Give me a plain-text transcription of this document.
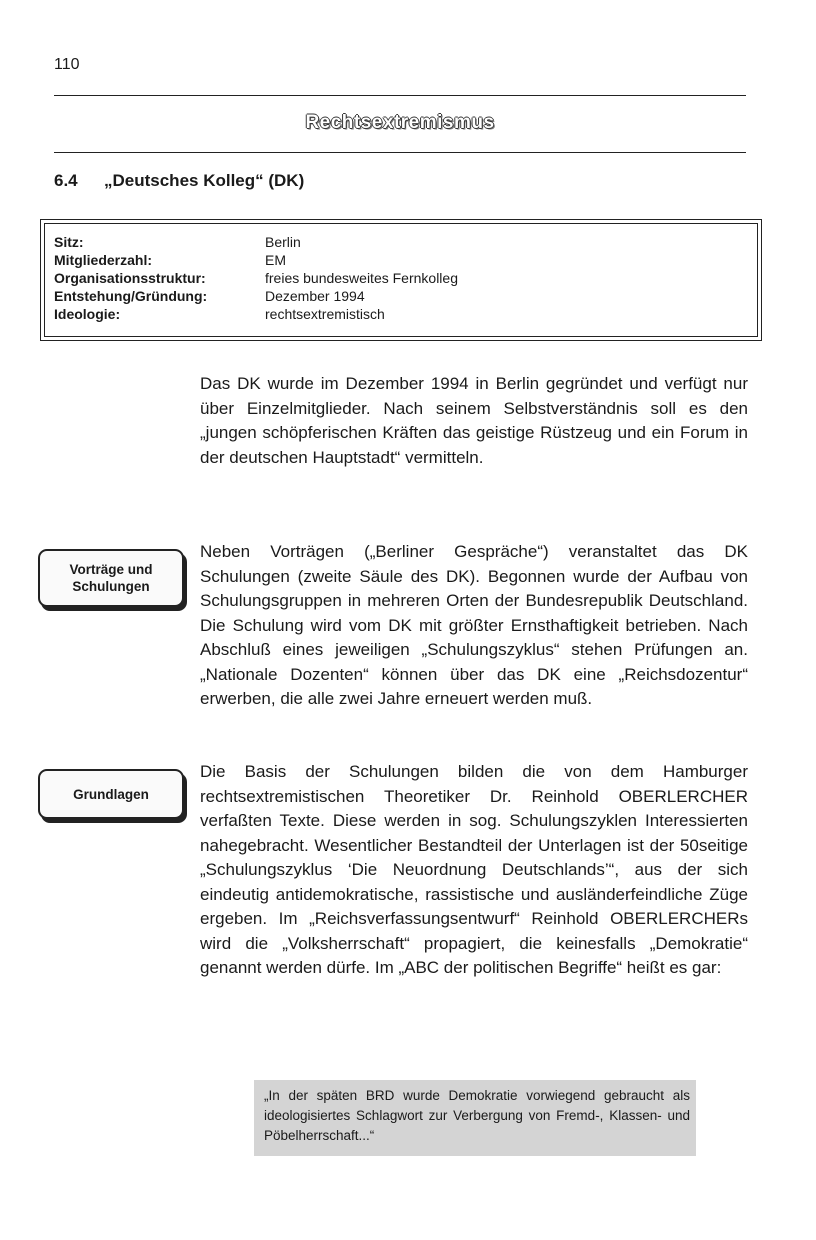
110
Rechtsextremismus
6.4 „Deutsches Kolleg“ (DK)
Sitz:	Berlin
Mitgliederzahl:	EM
Organisationsstruktur:	freies bundesweites Fernkolleg
Entstehung/Gründung:	Dezember 1994
Ideologie:	rechtsextremistisch

Das DK wurde im Dezember 1994 in Berlin gegründet und verfügt nur über Einzelmitglieder. Nach seinem Selbstverständnis soll es den „jungen schöpferischen Kräften das geistige Rüstzeug und ein Forum in der deutschen Hauptstadt“ vermitteln.

Vorträge und Schulungen

Neben Vorträgen („Berliner Gespräche“) veranstaltet das DK Schulungen (zweite Säule des DK). Begonnen wurde der Aufbau von Schulungsgruppen in mehreren Orten der Bundesrepublik Deutschland. Die Schulung wird vom DK mit größter Ernsthaftigkeit betrieben. Nach Abschluß eines jeweiligen „Schulungszyklus“ stehen Prüfungen an. „Nationale Dozenten“ können über das DK eine „Reichsdozentur“ erwerben, die alle zwei Jahre erneuert werden muß.

Grundlagen

Die Basis der Schulungen bilden die von dem Hamburger rechtsextremistischen Theoretiker Dr. Reinhold OBERLERCHER verfaßten Texte. Diese werden in sog. Schulungszyklen Interessierten nahegebracht. Wesentlicher Bestandteil der Unterlagen ist der 50seitige „Schulungszyklus ‘Die Neuordnung Deutschlands’“, aus der sich eindeutig antidemokratische, rassistische und ausländerfeindliche Züge ergeben. Im „Reichsverfassungsentwurf“ Reinhold OBERLERCHERs wird die „Volksherrschaft“ propagiert, die keinesfalls „Demokratie“ genannt werden dürfe. Im „ABC der politischen Begriffe“ heißt es gar:

„In der späten BRD wurde Demokratie vorwiegend gebraucht als ideologisiertes Schlagwort zur Verbergung von Fremd-, Klassen- und Pöbelherrschaft...“
